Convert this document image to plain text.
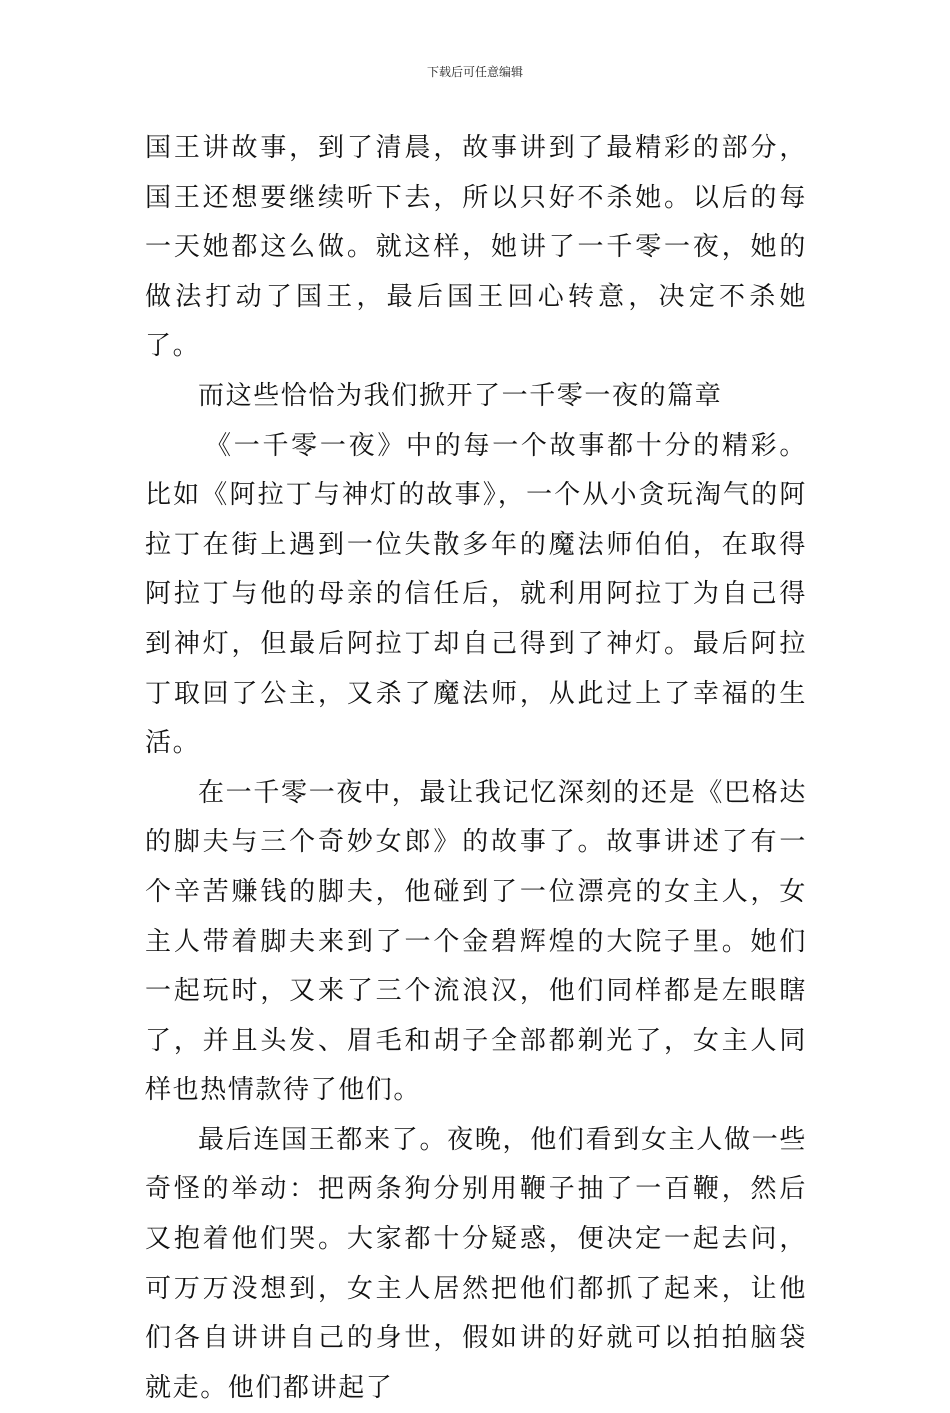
下载后可任意编辑

国王讲故事，到了清晨，故事讲到了最精彩的部分，国王还想要继续听下去，所以只好不杀她。以后的每一天她都这么做。就这样，她讲了一千零一夜，她的做法打动了国王，最后国王回心转意，决定不杀她了。

而这些恰恰为我们掀开了一千零一夜的篇章

《一千零一夜》中的每一个故事都十分的精彩。比如《阿拉丁与神灯的故事》，一个从小贪玩淘气的阿拉丁在街上遇到一位失散多年的魔法师伯伯，在取得阿拉丁与他的母亲的信任后，就利用阿拉丁为自己得到神灯，但最后阿拉丁却自己得到了神灯。最后阿拉丁取回了公主，又杀了魔法师，从此过上了幸福的生活。

在一千零一夜中，最让我记忆深刻的还是《巴格达的脚夫与三个奇妙女郎》的故事了。故事讲述了有一个辛苦赚钱的脚夫，他碰到了一位漂亮的女主人，女主人带着脚夫来到了一个金碧辉煌的大院子里。她们一起玩时，又来了三个流浪汉，他们同样都是左眼瞎了，并且头发、眉毛和胡子全部都剃光了，女主人同样也热情款待了他们。

最后连国王都来了。夜晚，他们看到女主人做一些奇怪的举动：把两条狗分别用鞭子抽了一百鞭，然后又抱着他们哭。大家都十分疑惑，便决定一起去问，可万万没想到，女主人居然把他们都抓了起来，让他们各自讲讲自己的身世，假如讲的好就可以拍拍脑袋就走。他们都讲起了
